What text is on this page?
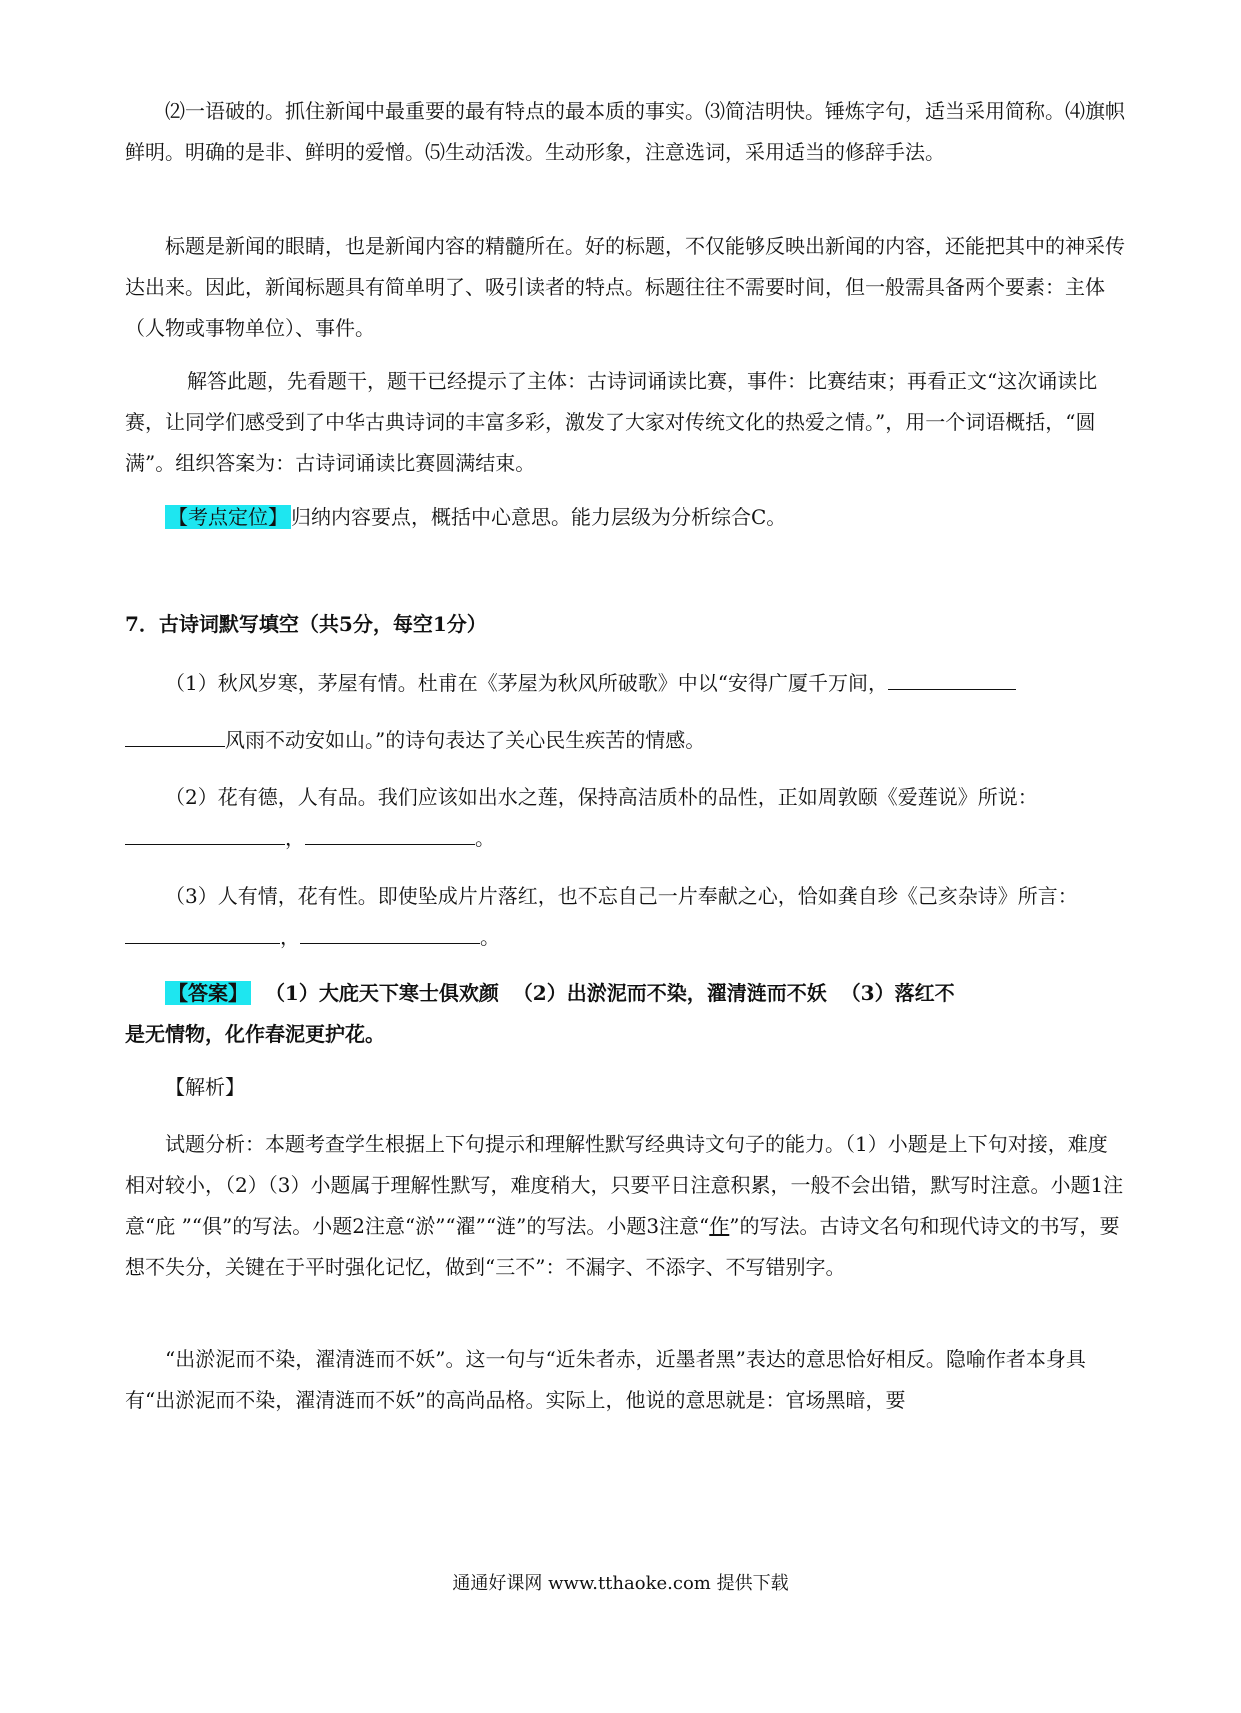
⑵一语破的。抓住新闻中最重要的最有特点的最本质的事实。⑶简洁明快。锤炼字句，适当采用简称。⑷旗帜鲜明。明确的是非、鲜明的爱憎。⑸生动活泼。生动形象，注意选词，采用适当的修辞手法。

标题是新闻的眼睛，也是新闻内容的精髓所在。好的标题，不仅能够反映出新闻的内容，还能把其中的神采传达出来。因此，新闻标题具有简单明了、吸引读者的特点。标题往往不需要时间，但一般需具备两个要素：主体（人物或事物单位）、事件。

解答此题，先看题干，题干已经提示了主体：古诗词诵读比赛，事件：比赛结束；再看正文“这次诵读比赛，让同学们感受到了中华古典诗词的丰富多彩，激发了大家对传统文化的热爱之情。”，用一个词语概括，“圆满”。组织答案为：古诗词诵读比赛圆满结束。

【考点定位】 归纳内容要点，概括中心意思。能力层级为分析综合C。

7．古诗词默写填空（共5分，每空1分）

（1）秋风岁寒，茅屋有情。杜甫在《茅屋为秋风所破歌》中以“安得广厦千万间，

风雨不动安如山。”的诗句表达了关心民生疾苦的情感。

（2）花有德，人有品。我们应该如出水之莲，保持高洁质朴的品性，正如周敦颐《爱莲说》所说：
，	。

（3）人有情，花有性。即使坠成片片落红，也不忘自己一片奉献之心，恰如龚自珍《己亥杂诗》所言：，	。

【答案】 （1）大庇天下寒士俱欢颜 （2）出淤泥而不染，濯清涟而不妖 （3）落红不
是无情物，化作春泥更护花。

【解析】

试题分析：本题考查学生根据上下句提示和理解性默写经典诗文句子的能力。（1）小题是上下句对接，难度相对较小，（2）（3）小题属于理解性默写，难度稍大，只要平日注意积累，一般不会出错，默写时注意。小题1注意“庇 ”“俱”的写法。小题2注意“淤”“濯”“涟”的写法。小题3注意“作”的写法。古诗文名句和现代诗文的书写，要想不失分，关键在于平时强化记忆，做到“三不”：不漏字、不添字、不写错别字。

“出淤泥而不染，濯清涟而不妖”。这一句与“近朱者赤，近墨者黑”表达的意思恰好相反。隐喻作者本身具有“出淤泥而不染，濯清涟而不妖”的高尚品格。实际上，他说的意思就是：官场黑暗，要

通通好课网 www.tthaoke.com 提供下载
